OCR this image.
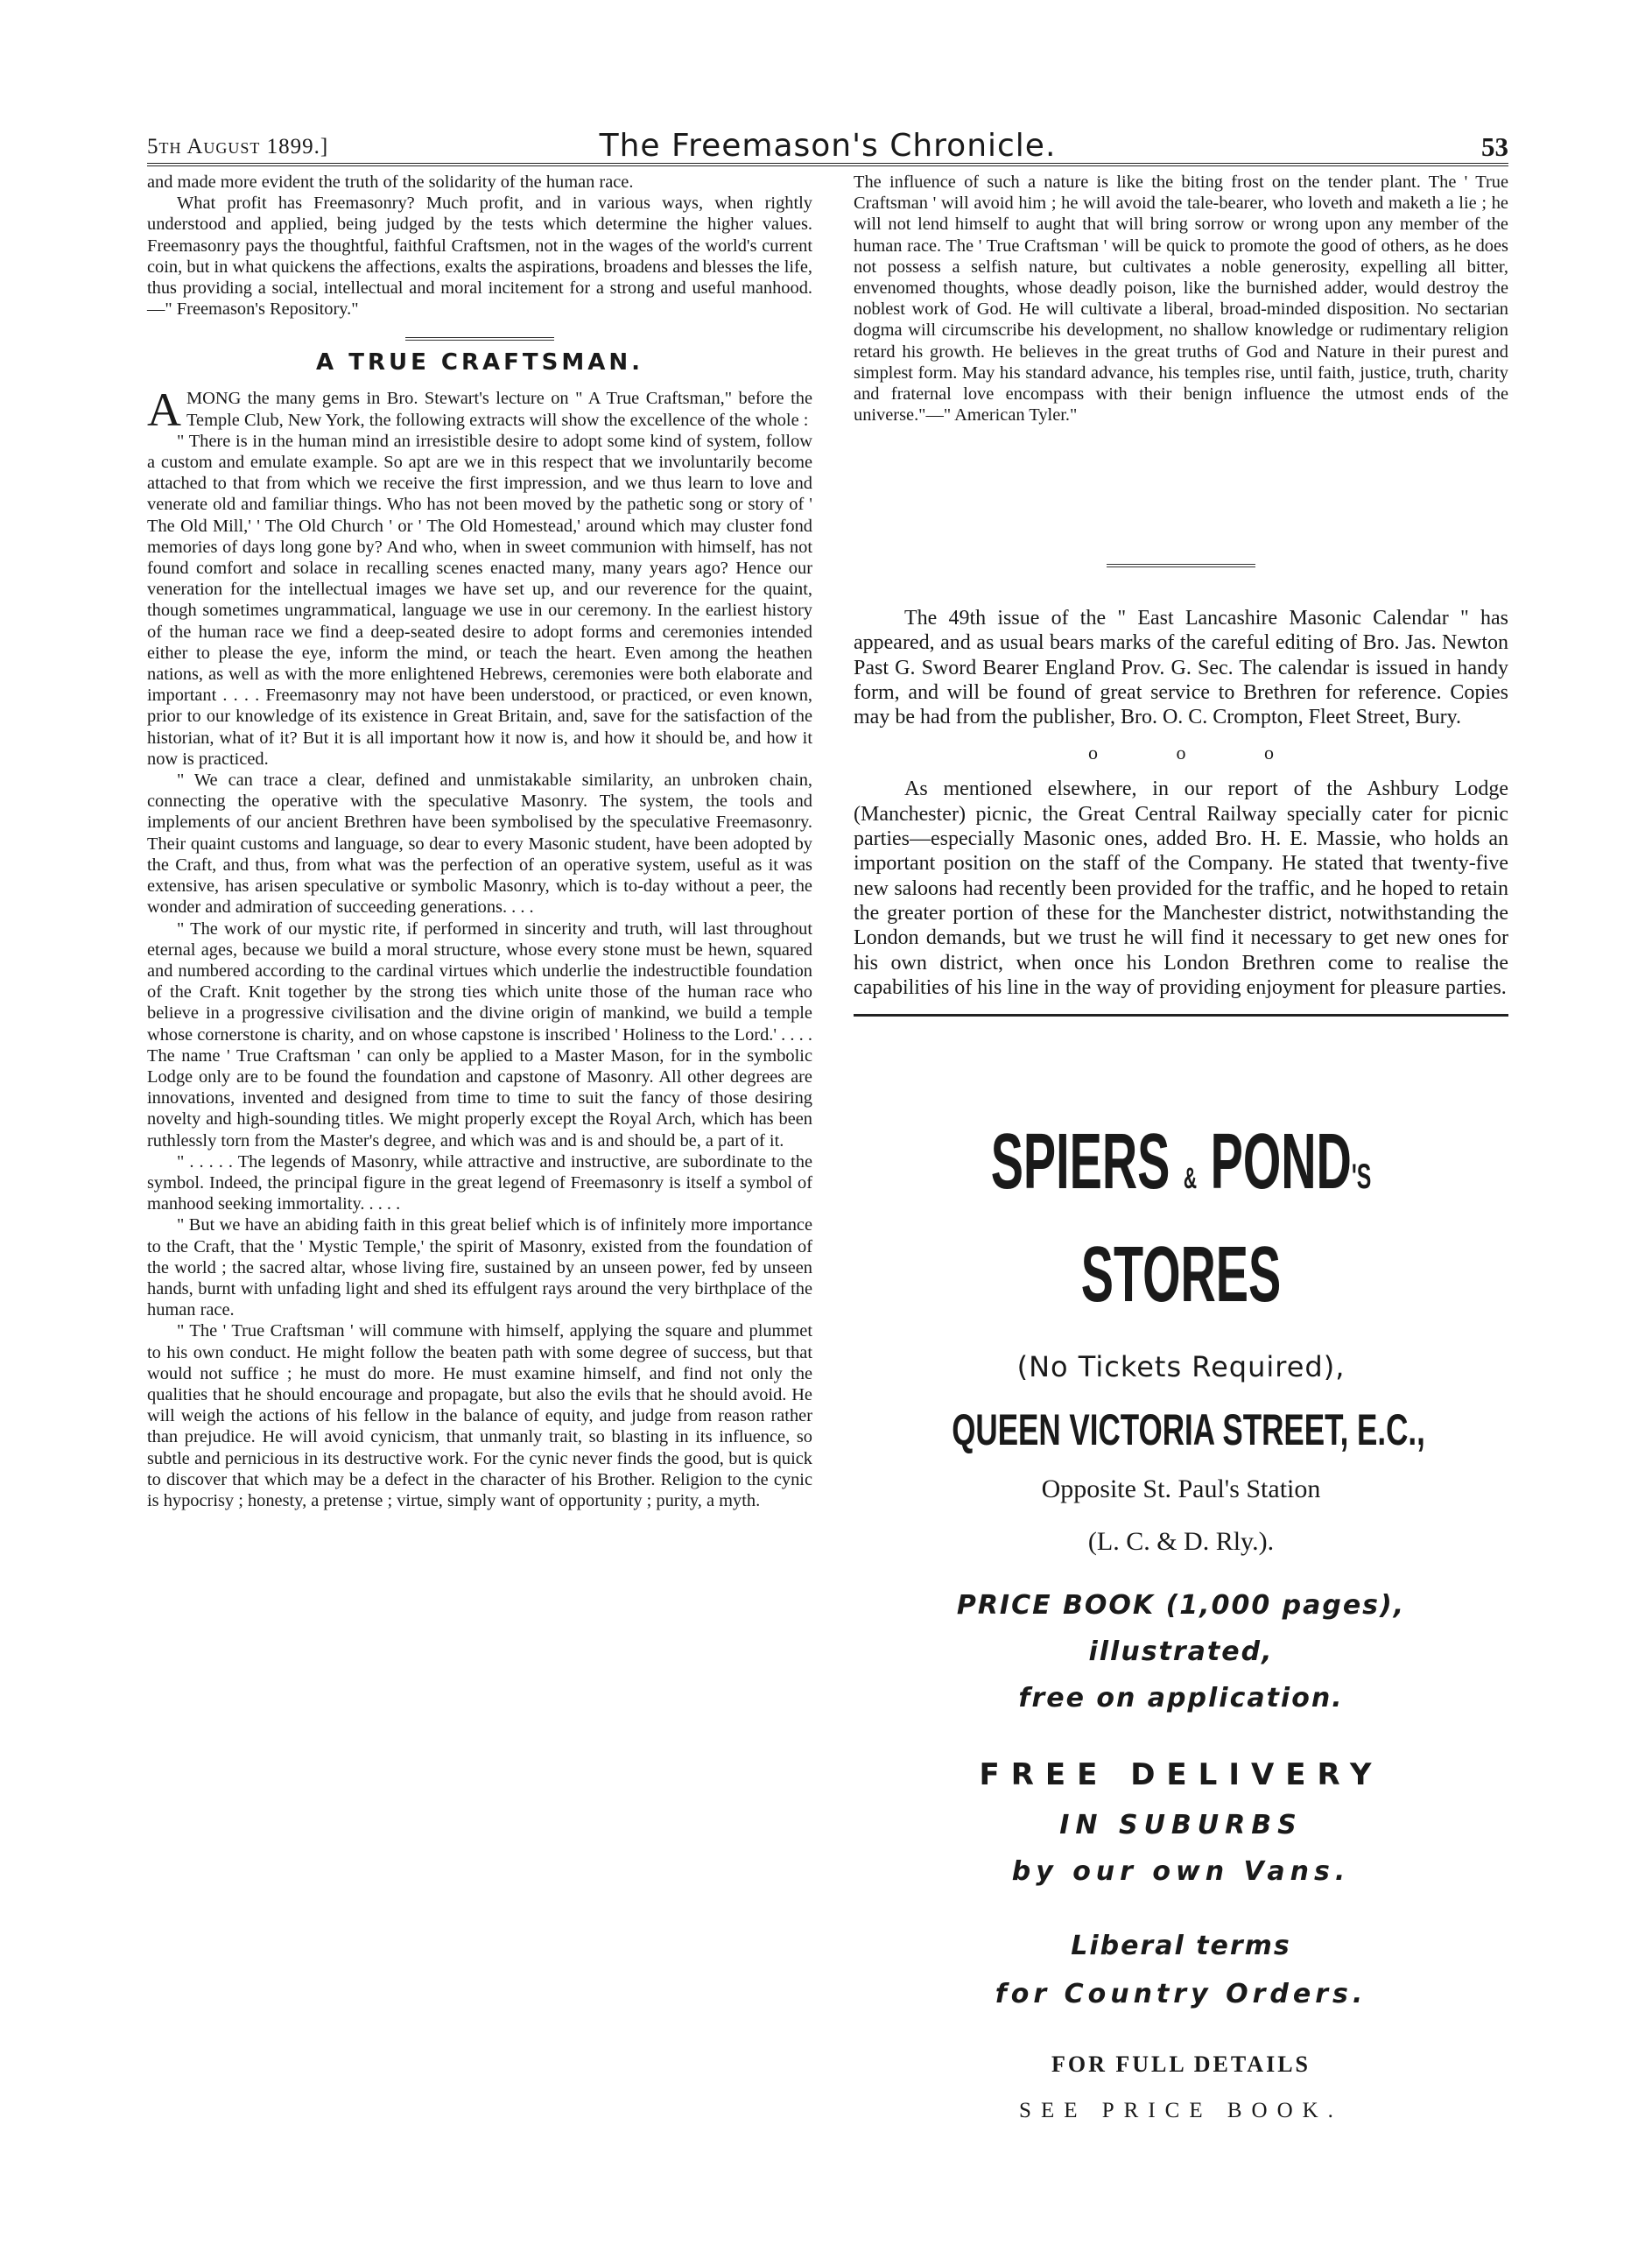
5th August 1899.]	The Freemason's Chronicle.	53

and made more evident the truth of the solidarity of the human race.

What profit has Freemasonry? Much profit, and in various ways, when rightly understood and applied, being judged by the tests which determine the higher values. Freemasonry pays the thoughtful, faithful Craftsmen, not in the wages of the world's current coin, but in what quickens the affections, exalts the aspirations, broadens and blesses the life, thus providing a social, intellectual and moral incitement for a strong and useful manhood.—" Freemason's Repository."

A TRUE CRAFTSMAN.

AMONG the many gems in Bro. Stewart's lecture on " A True Craftsman," before the Temple Club, New York, the following extracts will show the excellence of the whole :

" There is in the human mind an irresistible desire to adopt some kind of system, follow a custom and emulate example. So apt are we in this respect that we involuntarily become attached to that from which we receive the first impression, and we thus learn to love and venerate old and familiar things. Who has not been moved by the pathetic song or story of ' The Old Mill,' ' The Old Church ' or ' The Old Homestead,' around which may cluster fond memories of days long gone by? And who, when in sweet communion with himself, has not found comfort and solace in recalling scenes enacted many, many years ago? Hence our veneration for the intellectual images we have set up, and our reverence for the quaint, though sometimes ungrammatical, language we use in our ceremony. In the earliest history of the human race we find a deep-seated desire to adopt forms and ceremonies intended either to please the eye, inform the mind, or teach the heart. Even among the heathen nations, as well as with the more enlightened Hebrews, ceremonies were both elaborate and important . . . . Freemasonry may not have been understood, or practiced, or even known, prior to our knowledge of its existence in Great Britain, and, save for the satisfaction of the historian, what of it? But it is all important how it now is, and how it should be, and how it now is practiced.

" We can trace a clear, defined and unmistakable similarity, an unbroken chain, connecting the operative with the speculative Masonry. The system, the tools and implements of our ancient Brethren have been symbolised by the speculative Freemasonry. Their quaint customs and language, so dear to every Masonic student, have been adopted by the Craft, and thus, from what was the perfection of an operative system, useful as it was extensive, has arisen speculative or symbolic Masonry, which is to-day without a peer, the wonder and admiration of succeeding generations. . . .

" The work of our mystic rite, if performed in sincerity and truth, will last throughout eternal ages, because we build a moral structure, whose every stone must be hewn, squared and numbered according to the cardinal virtues which underlie the indestructible foundation of the Craft. Knit together by the strong ties which unite those of the human race who believe in a progressive civilisation and the divine origin of mankind, we build a temple whose cornerstone is charity, and on whose capstone is inscribed ' Holiness to the Lord.' . . . . The name ' True Craftsman ' can only be applied to a Master Mason, for in the symbolic Lodge only are to be found the foundation and capstone of Masonry. All other degrees are innovations, invented and designed from time to time to suit the fancy of those desiring novelty and high-sounding titles. We might properly except the Royal Arch, which has been ruthlessly torn from the Master's degree, and which was and is and should be, a part of it.

" . . . . . The legends of Masonry, while attractive and instructive, are subordinate to the symbol. Indeed, the principal figure in the great legend of Freemasonry is itself a symbol of manhood seeking immortality. . . . .

" But we have an abiding faith in this great belief which is of infinitely more importance to the Craft, that the ' Mystic Temple,' the spirit of Masonry, existed from the foundation of the world ; the sacred altar, whose living fire, sustained by an unseen power, fed by unseen hands, burnt with unfading light and shed its effulgent rays around the very birthplace of the human race.

" The ' True Craftsman ' will commune with himself, applying the square and plummet to his own conduct. He might follow the beaten path with some degree of success, but that would not suffice ; he must do more. He must examine himself, and find not only the qualities that he should encourage and propagate, but also the evils that he should avoid. He will weigh the actions of his fellow in the balance of equity, and judge from reason rather than prejudice. He will avoid cynicism, that unmanly trait, so blasting in its influence, so subtle and pernicious in its destructive work. For the cynic never finds the good, but is quick to discover that which may be a defect in the character of his Brother. Religion to the cynic is hypocrisy ; honesty, a pretense ; virtue, simply want of opportunity ; purity, a myth.

The influence of such a nature is like the biting frost on the tender plant. The ' True Craftsman ' will avoid him ; he will avoid the tale-bearer, who loveth and maketh a lie ; he will not lend himself to aught that will bring sorrow or wrong upon any member of the human race. The ' True Craftsman ' will be quick to promote the good of others, as he does not possess a selfish nature, but cultivates a noble generosity, expelling all bitter, envenomed thoughts, whose deadly poison, like the burnished adder, would destroy the noblest work of God. He will cultivate a liberal, broad-minded disposition. No sectarian dogma will circumscribe his development, no shallow knowledge or rudimentary religion retard his growth. He believes in the great truths of God and Nature in their purest and simplest form. May his standard advance, his temples rise, until faith, justice, truth, charity and fraternal love encompass with their benign influence the utmost ends of the universe."—" American Tyler."

The 49th issue of the " East Lancashire Masonic Calendar " has appeared, and as usual bears marks of the careful editing of Bro. Jas. Newton Past G. Sword Bearer England Prov. G. Sec. The calendar is issued in handy form, and will be found of great service to Brethren for reference. Copies may be had from the publisher, Bro. O. C. Crompton, Fleet Street, Bury.

o	o	o

As mentioned elsewhere, in our report of the Ashbury Lodge (Manchester) picnic, the Great Central Railway specially cater for picnic parties—especially Masonic ones, added Bro. H. E. Massie, who holds an important position on the staff of the Company. He stated that twenty-five new saloons had recently been provided for the traffic, and he hoped to retain the greater portion of these for the Manchester district, notwithstanding the London demands, but we trust he will find it necessary to get new ones for his own district, when once his London Brethren come to realise the capabilities of his line in the way of providing enjoyment for pleasure parties.

SPIERS & POND'S
STORES
(No Tickets Required),
QUEEN VICTORIA STREET, E.C.,
Opposite St. Paul's Station
(L. C. & D. Rly.).
PRICE BOOK (1,000 pages),
illustrated,
free on application.
FREE DELIVERY
IN SUBURBS
by our own Vans.
Liberal terms
for Country Orders.
FOR FULL DETAILS
SEE PRICE BOOK.
